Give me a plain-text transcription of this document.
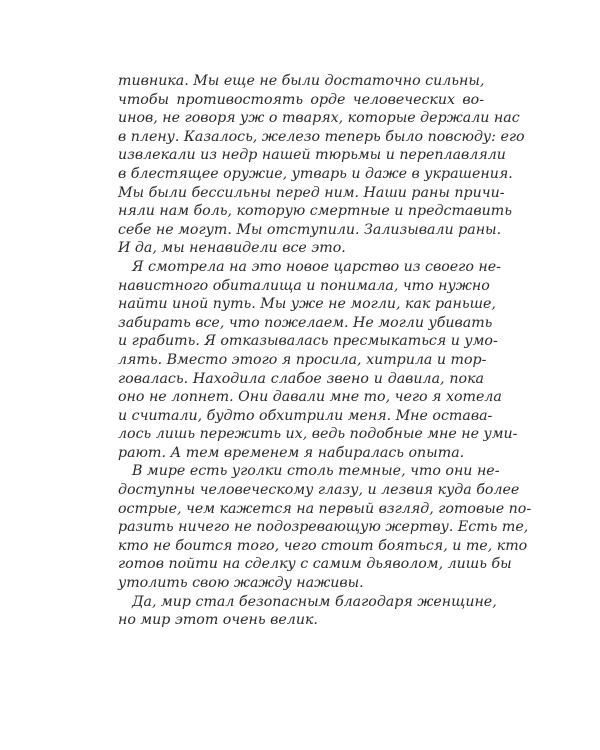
тивника. Мы еще не были достаточно сильны,
чтобы противостоять орде человеческих во-
инов, не говоря уж о тварях, которые держали нас
в плену. Казалось, железо теперь было повсюду: его
извлекали из недр нашей тюрьмы и переплавляли
в блестящее оружие, утварь и даже в украшения.
Мы были бессильны перед ним. Наши раны причи-
няли нам боль, которую смертные и представить
себе не могут. Мы отступили. Зализывали раны.
И да, мы ненавидели все это.

Я смотрела на это новое царство из своего не-
навистного обиталища и понимала, что нужно
найти иной путь. Мы уже не могли, как раньше,
забирать все, что пожелаем. Не могли убивать
и грабить. Я отказывалась пресмыкаться и умо-
лять. Вместо этого я просила, хитрила и тор-
говалась. Находила слабое звено и давила, пока
оно не лопнет. Они давали мне то, чего я хотела
и считали, будто обхитрили меня. Мне остава-
лось лишь пережить их, ведь подобные мне не уми-
рают. А тем временем я набиралась опыта.

В мире есть уголки столь темные, что они не-
доступны человеческому глазу, и лезвия куда более
острые, чем кажется на первый взгляд, готовые по-
разить ничего не подозревающую жертву. Есть те,
кто не боится того, чего стоит бояться, и те, кто
готов пойти на сделку с самим дьяволом, лишь бы
утолить свою жажду наживы.

Да, мир стал безопасным благодаря женщине,
но мир этот очень велик.
